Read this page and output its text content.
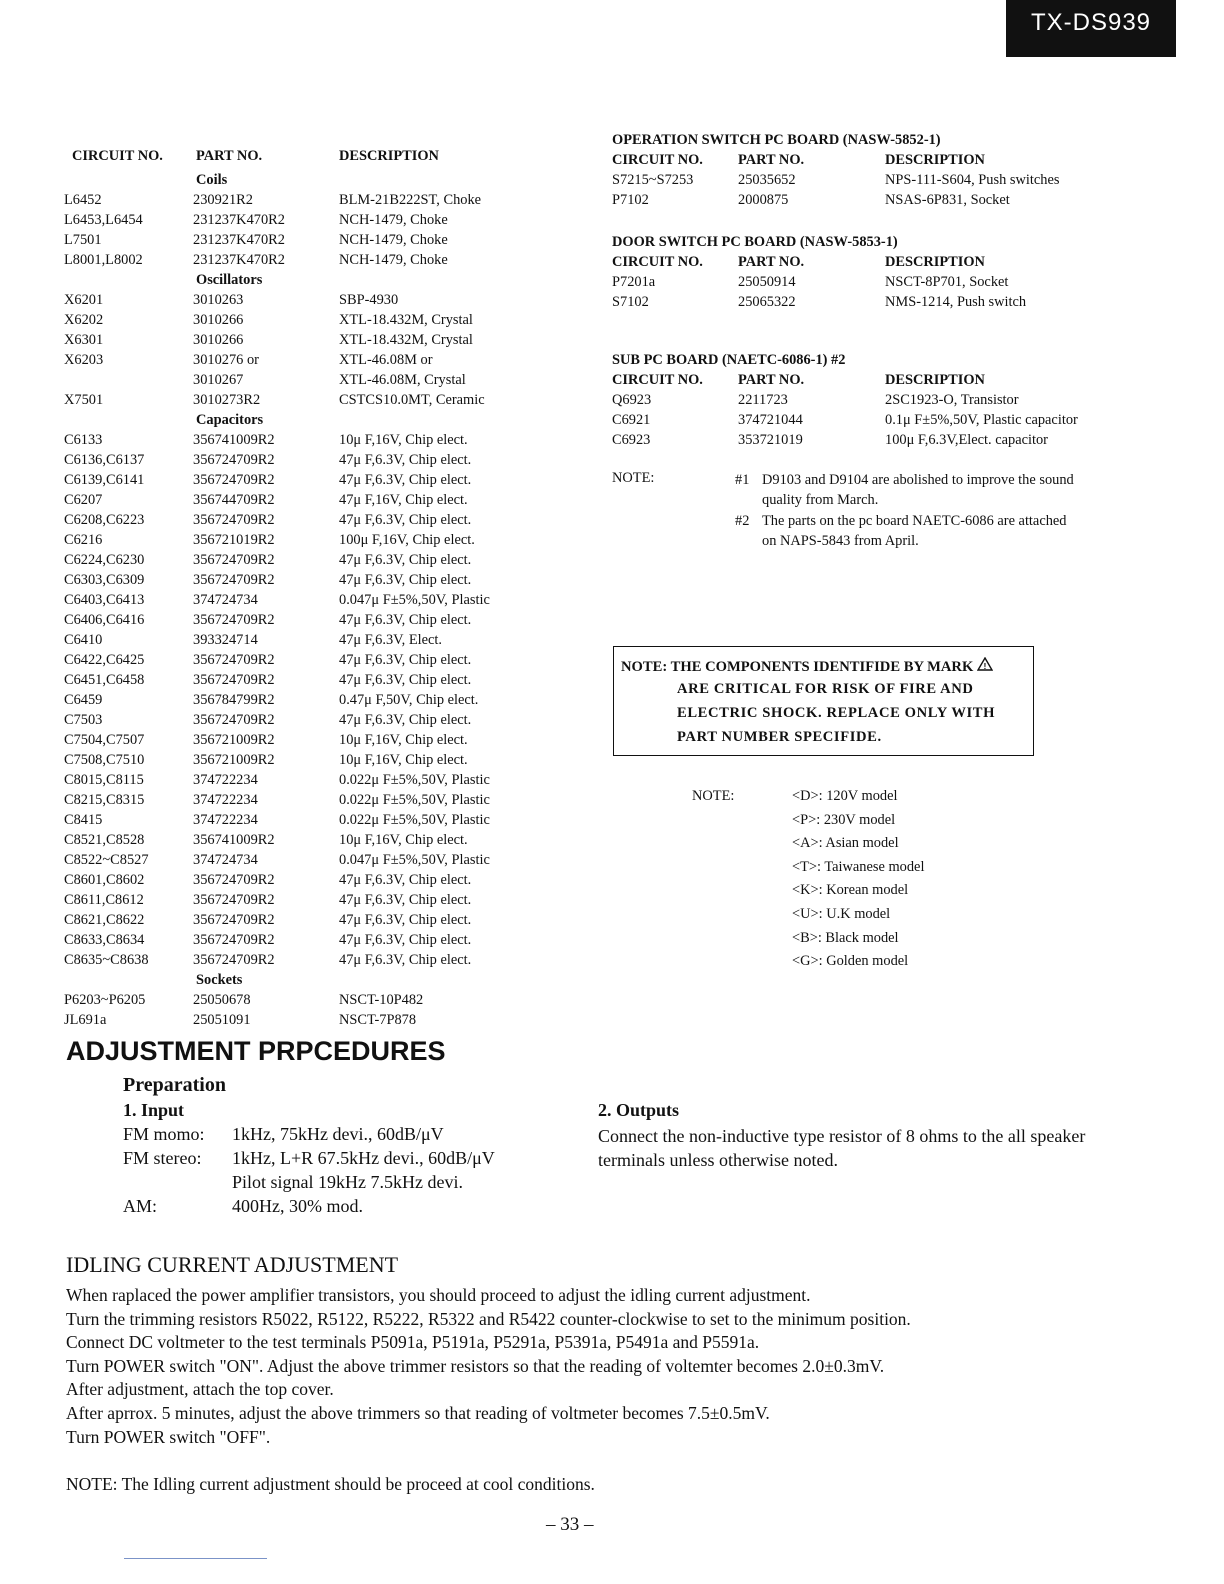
TX-DS939
CIRCUIT NO.	PART NO.	DESCRIPTION
Coils
L6452	230921R2	BLM-21B222ST, Choke
L6453,L6454	231237K470R2	NCH-1479, Choke
L7501	231237K470R2	NCH-1479, Choke
L8001,L8002	231237K470R2	NCH-1479, Choke
Oscillators
X6201	3010263	SBP-4930
X6202	3010266	XTL-18.432M, Crystal
X6301	3010266	XTL-18.432M, Crystal
X6203	3010276 or	XTL-46.08M or
3010267	XTL-46.08M, Crystal
X7501	3010273R2	CSTCS10.0MT, Ceramic
Capacitors
C6133	356741009R2	10μ F,16V, Chip elect.
C6136,C6137	356724709R2	47μ F,6.3V, Chip elect.
C6139,C6141	356724709R2	47μ F,6.3V, Chip elect.
C6207	356744709R2	47μ F,16V, Chip elect.
C6208,C6223	356724709R2	47μ F,6.3V, Chip elect.
C6216	356721019R2	100μ F,16V, Chip elect.
C6224,C6230	356724709R2	47μ F,6.3V, Chip elect.
C6303,C6309	356724709R2	47μ F,6.3V, Chip elect.
C6403,C6413	374724734	0.047μ F±5%,50V, Plastic
C6406,C6416	356724709R2	47μ F,6.3V, Chip elect.
C6410	393324714	47μ F,6.3V, Elect.
C6422,C6425	356724709R2	47μ F,6.3V, Chip elect.
C6451,C6458	356724709R2	47μ F,6.3V, Chip elect.
C6459	356784799R2	0.47μ F,50V, Chip elect.
C7503	356724709R2	47μ F,6.3V, Chip elect.
C7504,C7507	356721009R2	10μ F,16V, Chip elect.
C7508,C7510	356721009R2	10μ F,16V, Chip elect.
C8015,C8115	374722234	0.022μ F±5%,50V, Plastic
C8215,C8315	374722234	0.022μ F±5%,50V, Plastic
C8415	374722234	0.022μ F±5%,50V, Plastic
C8521,C8528	356741009R2	10μ F,16V, Chip elect.
C8522~C8527	374724734	0.047μ F±5%,50V, Plastic
C8601,C8602	356724709R2	47μ F,6.3V, Chip elect.
C8611,C8612	356724709R2	47μ F,6.3V, Chip elect.
C8621,C8622	356724709R2	47μ F,6.3V, Chip elect.
C8633,C8634	356724709R2	47μ F,6.3V, Chip elect.
C8635~C8638	356724709R2	47μ F,6.3V, Chip elect.
Sockets
P6203~P6205	25050678	NSCT-10P482
JL691a	25051091	NSCT-7P878
OPERATION SWITCH PC BOARD (NASW-5852-1)
CIRCUIT NO.	PART NO.	DESCRIPTION
S7215~S7253	25035652	NPS-111-S604, Push switches
P7102	2000875	NSAS-6P831, Socket
DOOR SWITCH PC BOARD (NASW-5853-1)
CIRCUIT NO.	PART NO.	DESCRIPTION
P7201a	25050914	NSCT-8P701, Socket
S7102	25065322	NMS-1214, Push switch
SUB PC BOARD (NAETC-6086-1) #2
CIRCUIT NO.	PART NO.	DESCRIPTION
Q6923	2211723	2SC1923-O, Transistor
C6921	374721044	0.1μ F±5%,50V, Plastic capacitor
C6923	353721019	100μ F,6.3V,Elect. capacitor
NOTE:	#1 D9103 and D9104 are abolished to improve the sound
quality from March.
#2 The parts on the pc board NAETC-6086 are attached
on NAPS-5843 from April.
NOTE: THE COMPONENTS IDENTIFIDE BY MARK !
ARE CRITICAL FOR RISK OF FIRE AND
ELECTRIC SHOCK. REPLACE ONLY WITH
PART NUMBER SPECIFIDE.
NOTE:	<D>: 120V model
<P>: 230V model
<A>: Asian model
<T>: Taiwanese model
<K>: Korean model
<U>: U.K model
<B>: Black model
<G>: Golden model
ADJUSTMENT PRPCEDURES
Preparation
1. Input
FM momo: 1kHz, 75kHz devi., 60dB/μV
FM stereo: 1kHz, L+R 67.5kHz devi., 60dB/μV
Pilot signal 19kHz 7.5kHz devi.
AM:	400Hz, 30% mod.
2. Outputs
Connect the non-inductive type resistor of 8 ohms to the all speaker terminals unless otherwise noted.
IDLING CURRENT ADJUSTMENT
When raplaced the power amplifier transistors, you should proceed to adjust the idling current adjustment.
Turn the trimming resistors R5022, R5122, R5222, R5322 and R5422 counter-clockwise to set to the minimum position.
Connect DC voltmeter to the test terminals P5091a, P5191a, P5291a, P5391a, P5491a and P5591a.
Turn POWER switch "ON". Adjust the above trimmer resistors so that the reading of voltemter becomes 2.0±0.3mV.
After adjustment, attach the top cover.
After aprrox. 5 minutes, adjust the above trimmers so that reading of voltmeter becomes 7.5±0.5mV.
Turn POWER switch "OFF".
NOTE: The Idling current adjustment should be proceed at cool conditions.
– 33 –
